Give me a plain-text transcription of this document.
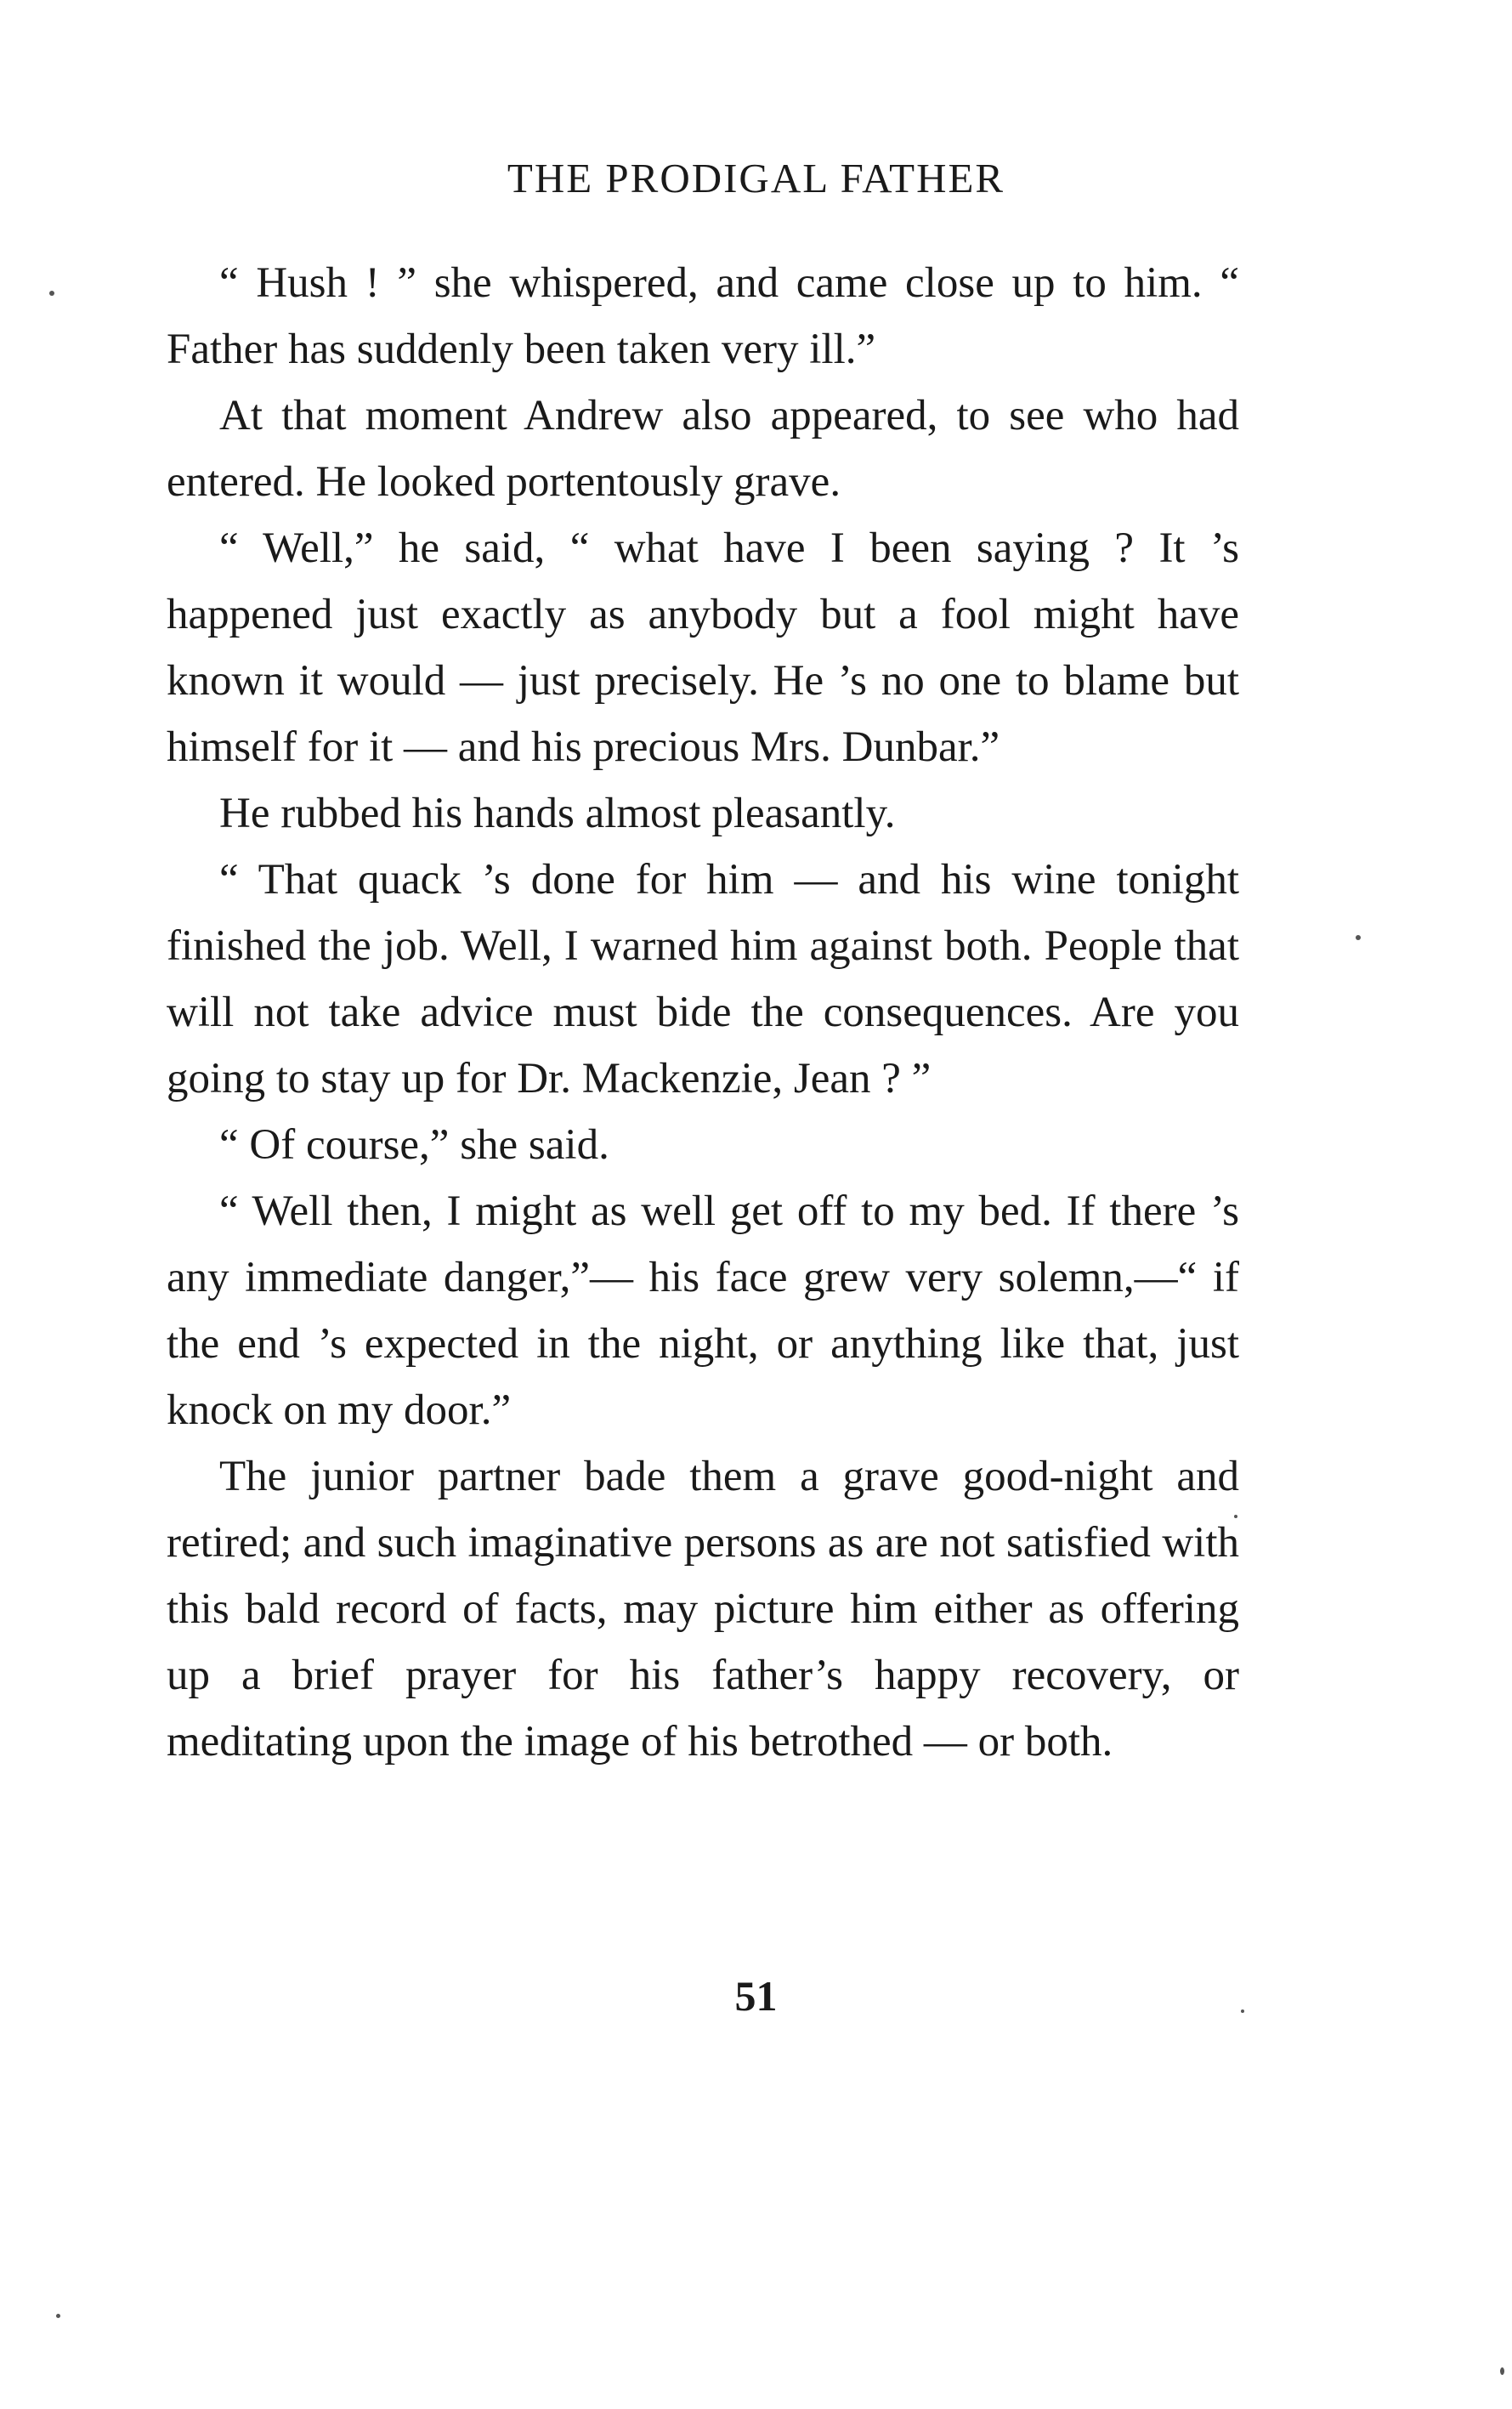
THE PRODIGAL FATHER

“ Hush ! ” she whispered, and came close up to him. “ Father has suddenly been taken very ill.”

At that moment Andrew also appeared, to see who had entered. He looked portentously grave.

“ Well,” he said, “ what have I been saying ? It ’s happened just exactly as anybody but a fool might have known it would — just precisely. He ’s no one to blame but himself for it — and his precious Mrs. Dunbar.”

He rubbed his hands almost pleasantly.

“ That quack ’s done for him — and his wine tonight finished the job. Well, I warned him against both. People that will not take advice must bide the consequences. Are you going to stay up for Dr. Mackenzie, Jean ? ”

“ Of course,” she said.

“ Well then, I might as well get off to my bed. If there ’s any immediate danger,”— his face grew very solemn,—“ if the end ’s expected in the night, or anything like that, just knock on my door.”

The junior partner bade them a grave good-night and retired; and such imaginative persons as are not satisfied with this bald record of facts, may picture him either as offering up a brief prayer for his father’s happy recovery, or meditating upon the image of his betrothed — or both.

51
